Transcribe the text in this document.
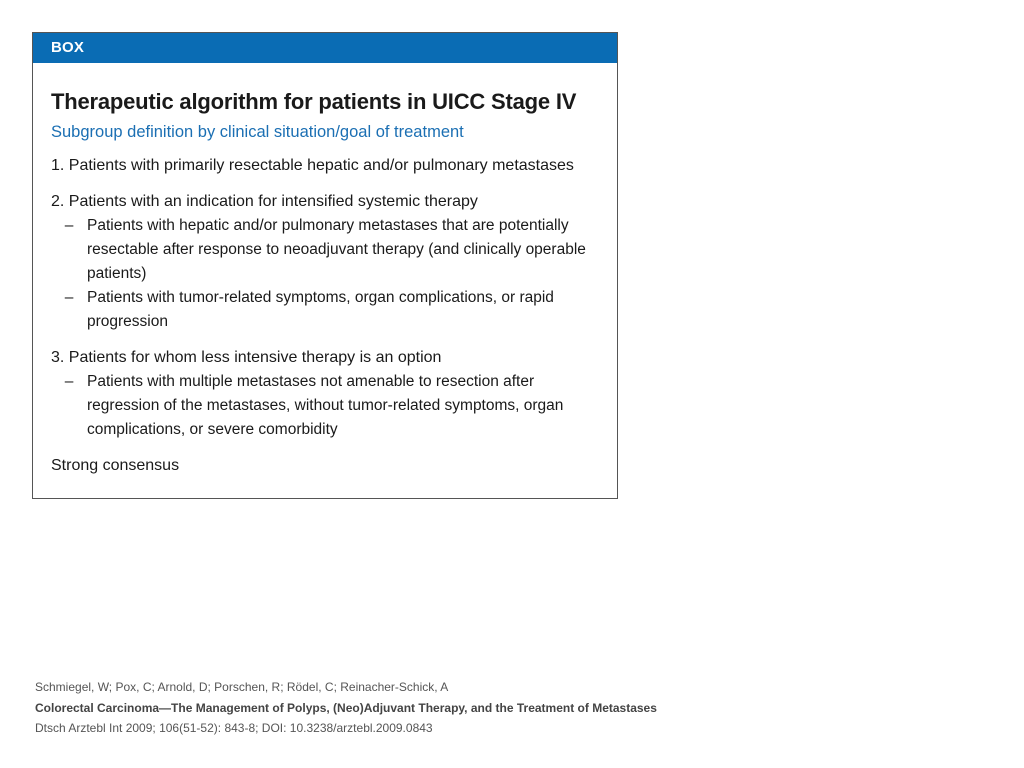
BOX
Therapeutic algorithm for patients in UICC Stage IV
Subgroup definition by clinical situation/goal of treatment
1. Patients with primarily resectable hepatic and/or pulmonary metastases
2. Patients with an indication for intensified systemic therapy
– Patients with hepatic and/or pulmonary metastases that are potentially resectable after response to neoadjuvant therapy (and clinically operable patients)
– Patients with tumor-related symptoms, organ complications, or rapid progression
3. Patients for whom less intensive therapy is an option
– Patients with multiple metastases not amenable to resection after regression of the metastases, without tumor-related symptoms, organ complications, or severe comorbidity
Strong consensus
Schmiegel, W; Pox, C; Arnold, D; Porschen, R; Rödel, C; Reinacher-Schick, A
Colorectal Carcinoma—The Management of Polyps, (Neo)Adjuvant Therapy, and the Treatment of Metastases
Dtsch Arztebl Int 2009; 106(51-52): 843-8; DOI: 10.3238/arztebl.2009.0843
